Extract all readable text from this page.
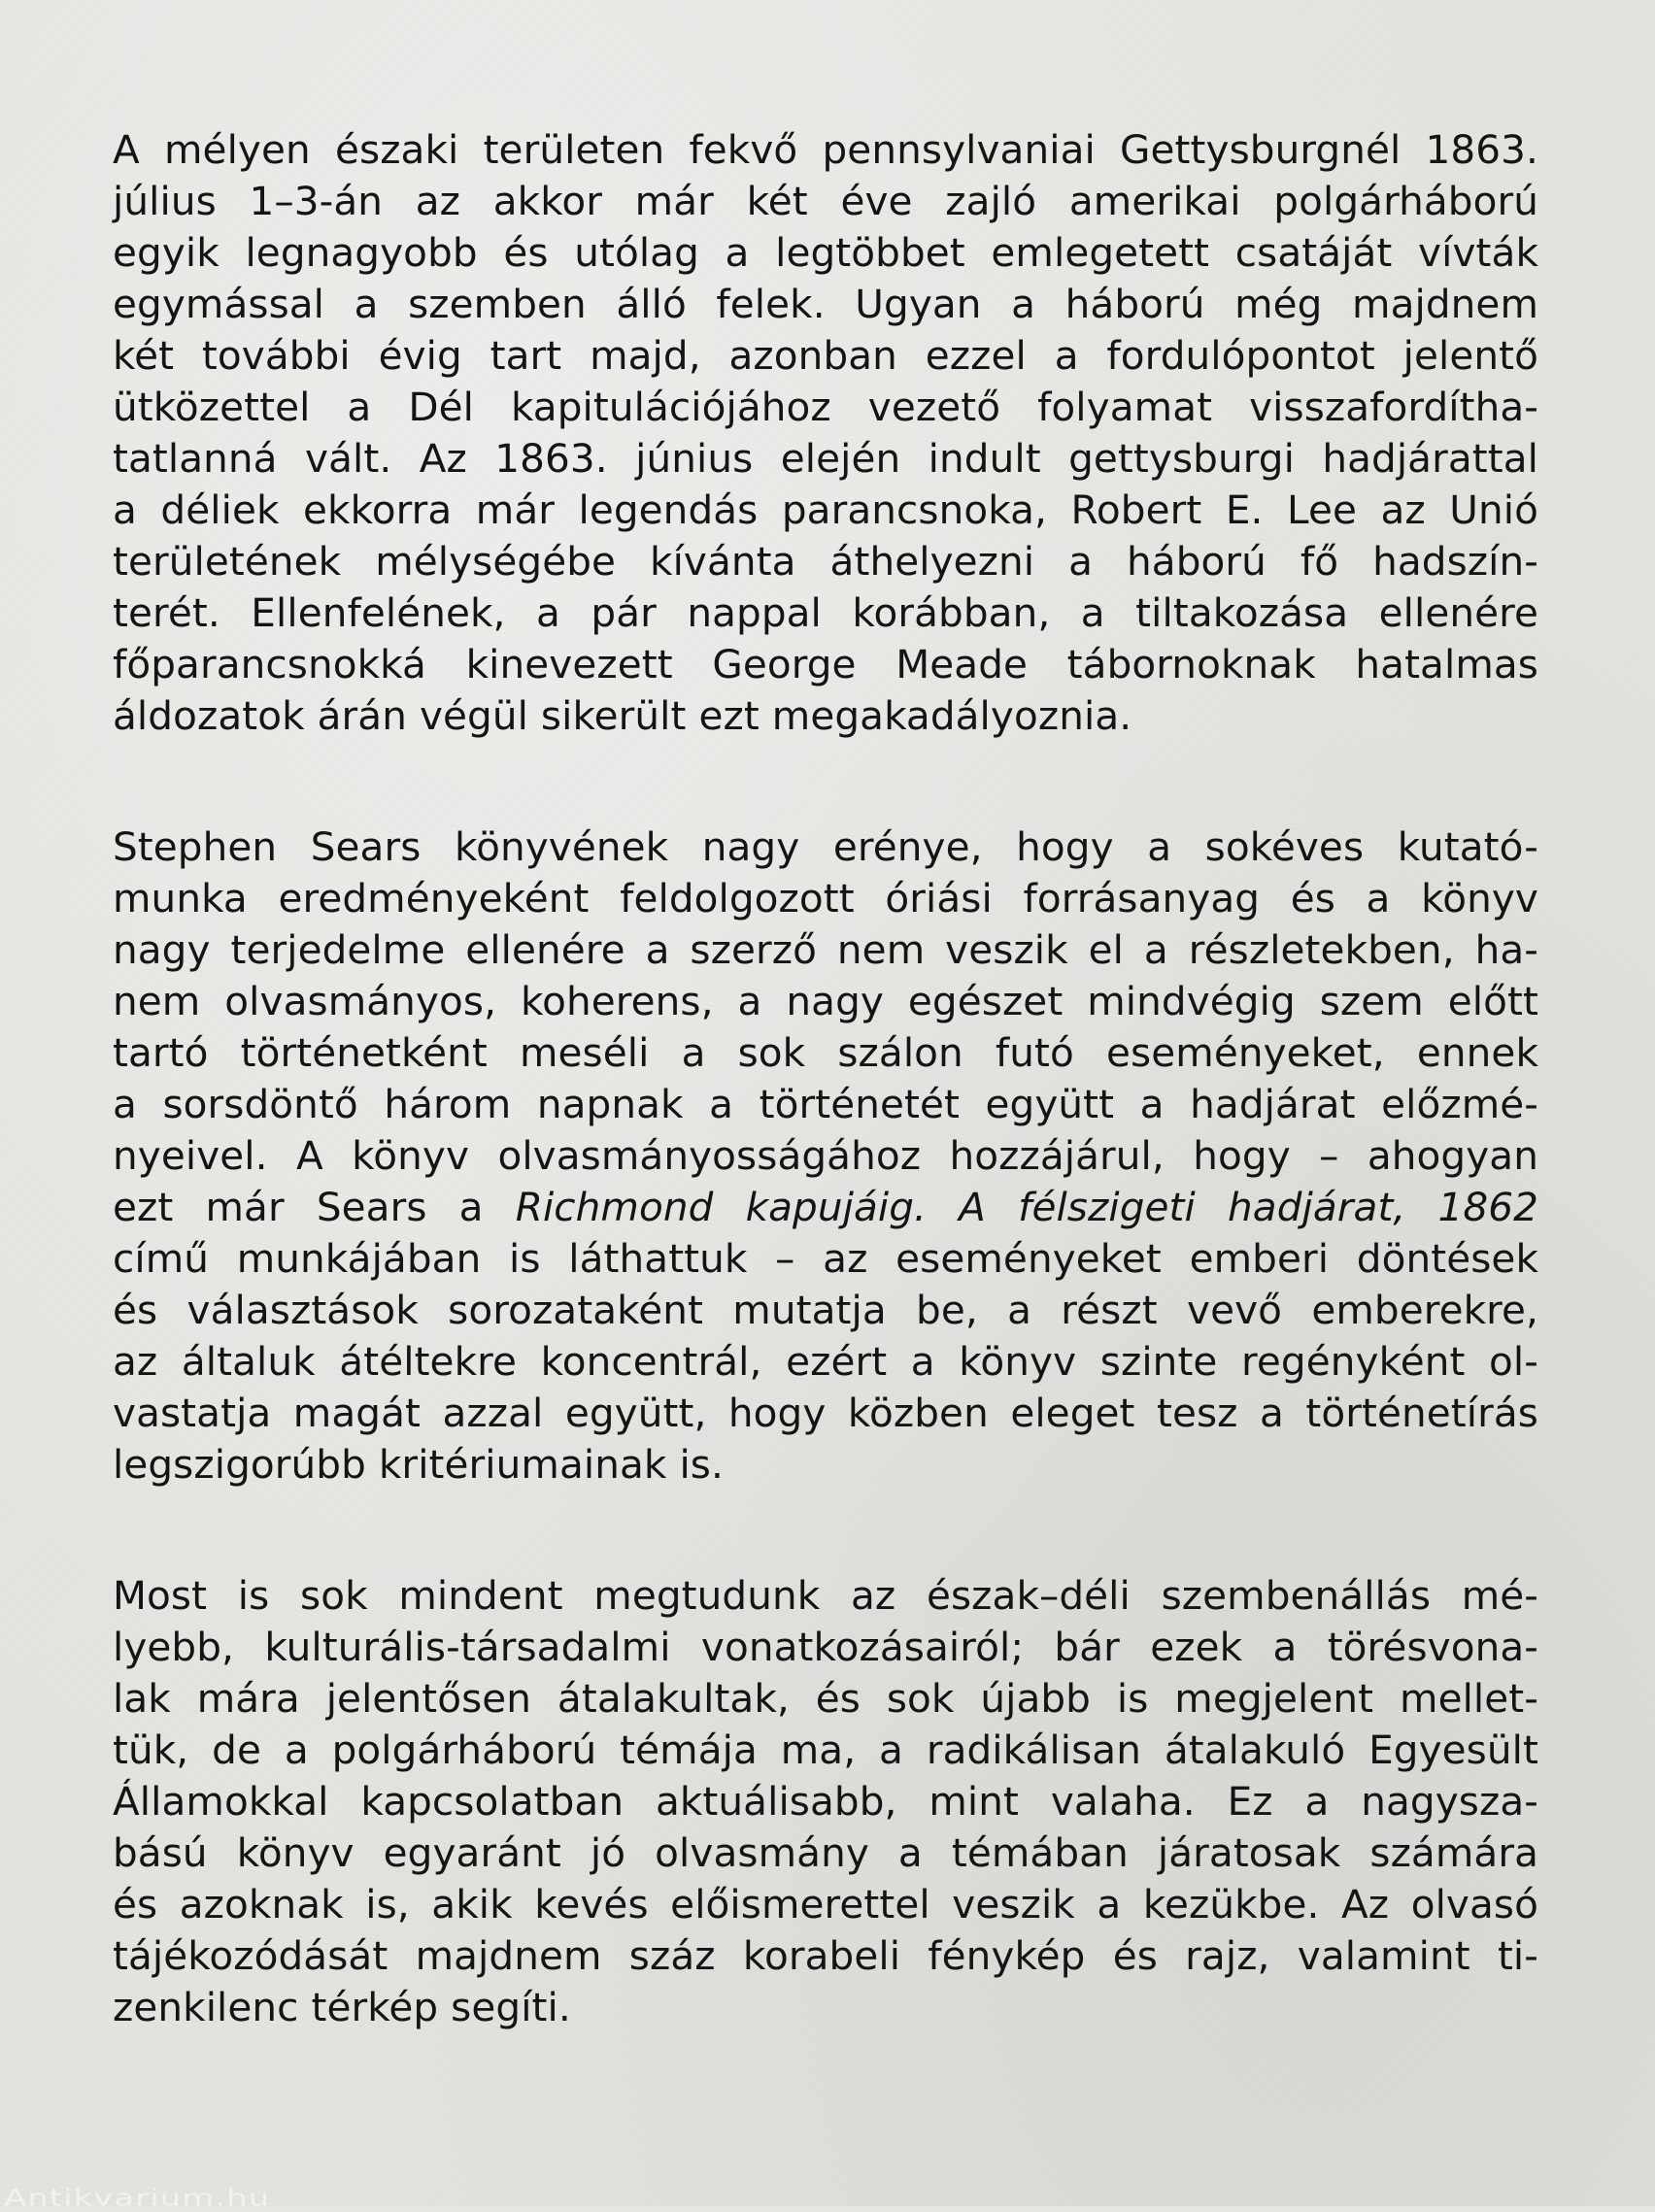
A mélyen északi területen fekvő pennsylvaniai Gettysburgnél 1863.
július 1–3-án az akkor már két éve zajló amerikai polgárháború
egyik legnagyobb és utólag a legtöbbet emlegetett csatáját vívták
egymással a szemben álló felek. Ugyan a háború még majdnem
két további évig tart majd, azonban ezzel a fordulópontot jelentő
ütközettel a Dél kapitulációjához vezető folyamat visszafordítha-
tatlanná vált. Az 1863. június elején indult gettysburgi hadjárattal
a déliek ekkorra már legendás parancsnoka, Robert E. Lee az Unió
területének mélységébe kívánta áthelyezni a háború fő hadszín-
terét. Ellenfelének, a pár nappal korábban, a tiltakozása ellenére
főparancsnokká kinevezett George Meade tábornoknak hatalmas
áldozatok árán végül sikerült ezt megakadályoznia.

Stephen Sears könyvének nagy erénye, hogy a sokéves kutató-
munka eredményeként feldolgozott óriási forrásanyag és a könyv
nagy terjedelme ellenére a szerző nem veszik el a részletekben, ha-
nem olvasmányos, koherens, a nagy egészet mindvégig szem előtt
tartó történetként meséli a sok szálon futó eseményeket, ennek
a sorsdöntő három napnak a történetét együtt a hadjárat előzmé-
nyeivel. A könyv olvasmányosságához hozzájárul, hogy – ahogyan
ezt már Sears a Richmond kapujáig. A félszigeti hadjárat, 1862
című munkájában is láthattuk – az eseményeket emberi döntések
és választások sorozataként mutatja be, a részt vevő emberekre,
az általuk átéltekre koncentrál, ezért a könyv szinte regényként ol-
vastatja magát azzal együtt, hogy közben eleget tesz a történetírás
legszigorúbb kritériumainak is.

Most is sok mindent megtudunk az észak–déli szembenállás mé-
lyebb, kulturális-társadalmi vonatkozásairól; bár ezek a törésvona-
lak mára jelentősen átalakultak, és sok újabb is megjelent mellet-
tük, de a polgárháború témája ma, a radikálisan átalakuló Egyesült
Államokkal kapcsolatban aktuálisabb, mint valaha. Ez a nagysza-
bású könyv egyaránt jó olvasmány a témában járatosak számára
és azoknak is, akik kevés előismerettel veszik a kezükbe. Az olvasó
tájékozódását majdnem száz korabeli fénykép és rajz, valamint ti-
zenkilenc térkép segíti.

Antikvarium.hu
